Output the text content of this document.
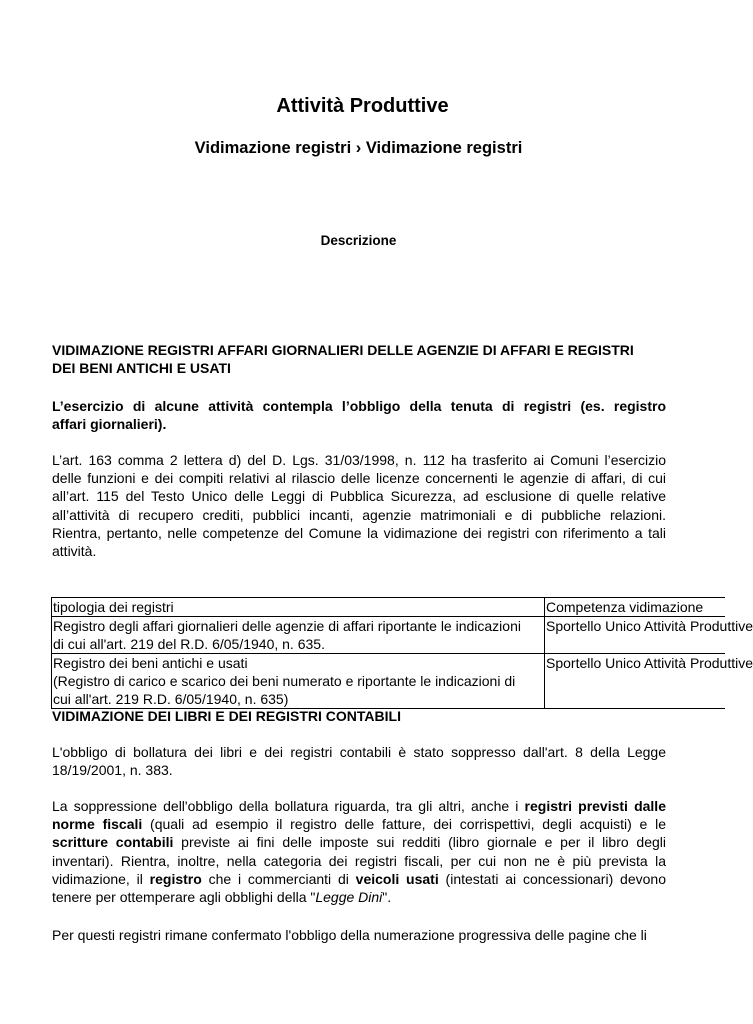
Attività Produttive
Vidimazione registri › Vidimazione registri
Descrizione
VIDIMAZIONE REGISTRI AFFARI GIORNALIERI DELLE AGENZIE DI AFFARI E REGISTRI
DEI BENI ANTICHI E USATI
L’esercizio di alcune attività contempla l’obbligo della tenuta di registri (es. registro
affari giornalieri).
L’art. 163 comma 2 lettera d) del D. Lgs. 31/03/1998, n. 112 ha trasferito ai Comuni l’esercizio
delle funzioni e dei compiti relativi al rilascio delle licenze concernenti le agenzie di affari, di cui
all’art. 115 del Testo Unico delle Leggi di Pubblica Sicurezza, ad esclusione di quelle relative
all’attività di recupero crediti, pubblici incanti, agenzie matrimoniali e di pubbliche relazioni.
Rientra, pertanto, nelle competenze del Comune la vidimazione dei registri con riferimento a tali
attività.
tipologia dei registri	Competenza vidimazione

Registro degli affari giornalieri delle agenzie di affari riportante le indicazioni
di cui all'art. 219 del R.D. 6/05/1940, n. 635.	Sportello Unico Attività Produttive

Registro dei beni antichi e usati
(Registro di carico e scarico dei beni numerato e riportante le indicazioni di
cui all'art. 219 R.D. 6/05/1940, n. 635)	Sportello Unico Attività Produttive
VIDIMAZIONE DEI LIBRI E DEI REGISTRI CONTABILI
L'obbligo di bollatura dei libri e dei registri contabili è stato soppresso dall'art. 8 della Legge
18/19/2001, n. 383.
La soppressione dell'obbligo della bollatura riguarda, tra gli altri, anche i registri previsti dalle
norme fiscali (quali ad esempio il registro delle fatture, dei corrispettivi, degli acquisti) e le
scritture contabili previste ai fini delle imposte sui redditi (libro giornale e per il libro degli
inventari). Rientra, inoltre, nella categoria dei registri fiscali, per cui non ne è più prevista la
vidimazione, il registro che i commercianti di veicoli usati (intestati ai concessionari) devono
tenere per ottemperare agli obblighi della "Legge Dini".
Per questi registri rimane confermato l'obbligo della numerazione progressiva delle pagine che li
